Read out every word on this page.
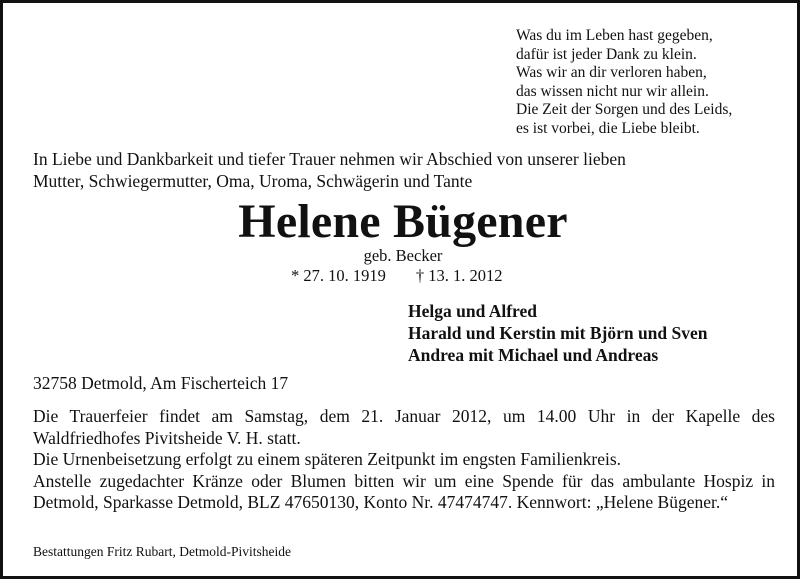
Was du im Leben hast gegeben,
dafür ist jeder Dank zu klein.
Was wir an dir verloren haben,
das wissen nicht nur wir allein.
Die Zeit der Sorgen und des Leids,
es ist vorbei, die Liebe bleibt.
In Liebe und Dankbarkeit und tiefer Trauer nehmen wir Abschied von unserer lieben
Mutter, Schwiegermutter, Oma, Uroma, Schwägerin und Tante
Helene Bügener
geb. Becker
* 27. 10. 1919 † 13. 1. 2012
Helga und Alfred
Harald und Kerstin mit Björn und Sven
Andrea mit Michael und Andreas
32758 Detmold, Am Fischerteich 17

Die Trauerfeier findet am Samstag, dem 21. Januar 2012, um 14.00 Uhr in der Kapelle des Waldfriedhofes Pivitsheide V. H. statt.

Die Urnenbeisetzung erfolgt zu einem späteren Zeitpunkt im engsten Familienkreis.

Anstelle zugedachter Kränze oder Blumen bitten wir um eine Spende für das ambulante Hospiz in Detmold, Sparkasse Detmold, BLZ 47650130, Konto Nr. 47474747. Kennwort: „Helene Bügener.“

Bestattungen Fritz Rubart, Detmold-Pivitsheide
